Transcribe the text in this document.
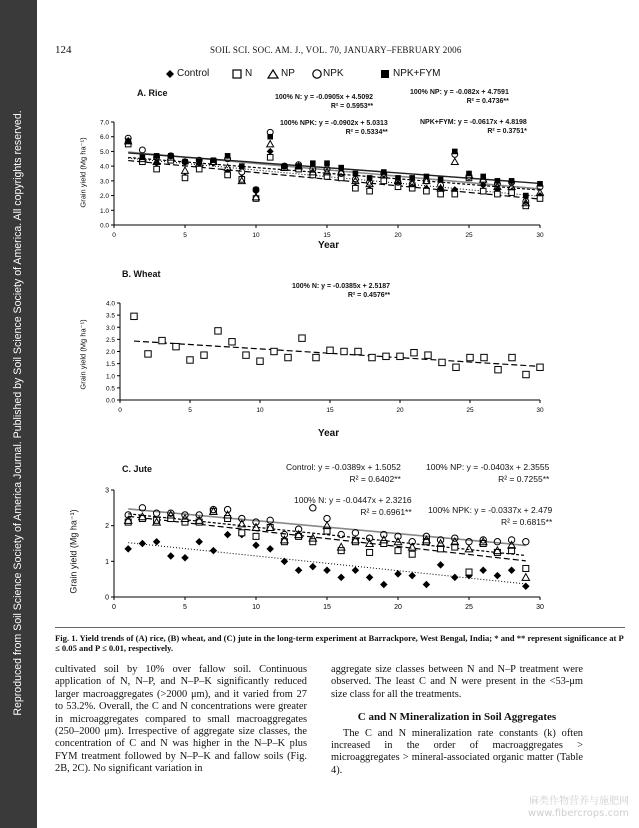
Reproduced from Soil Science Society of America Journal. Published by Soil Science Society of America. All copyrights reserved.
124	SOIL SCI. SOC. AM. J., VOL. 70, JANUARY–FEBRUARY 2006
Control	N	NP	NPK	NPK+FYM
A. Rice	100% N: y = -0.0905x + 4.5092
R² = 0.5953**
100% NP: y = -0.082x + 4.7591
R² = 0.4736**
100% NPK: y = -0.0902x + 5.0313
R² = 0.5334**
NPK+FYM: y = -0.0617x + 4.8198
R² = 0.3751*
Grain yield (Mg ha⁻¹)
Year
B. Wheat
100% N: y = -0.0385x + 2.5187
R² = 0.4576**
Grain yield (Mg ha⁻¹)
Year
C. Jute	Control: y = -0.0389x + 1.5052
R² = 0.6402**
100% NP: y = -0.0403x + 2.3555
R² = 0.7255**
100% N: y = -0.0447x + 2.3216
R² = 0.6961** 100% NPK: y = -0.0337x + 2.479
R² = 0.6815**
Grain yield (Mg ha⁻¹)
0.0
1.0
2.0
3.0
4.0
5.0
6.0
7.0
0	5	10	15	20	25	30
0.0
0.5
1.0
1.5
2.0
2.5
3.0
3.5
4.0
0	5	10	15	20	25	30
0
1
2
3
0	5	10	15	20	25	30
Fig. 1. Yield trends of (A) rice, (B) wheat, and (C) jute in the long-term experiment at Barrackpore, West Bengal, India; * and ** represent significance at P ≤ 0.05 and P ≤ 0.01, respectively.

cultivated soil by 10% over fallow soil. Continuous application of N, N–P, and N–P–K significantly reduced larger macroaggregates (>2000 μm), and it varied from 27 to 53.2%. Overall, the C and N concentrations were greater in microaggregates compared to small macroaggregates (250–2000 μm). Irrespective of aggregate size classes, the concentration of C and N was higher in the N–P–K plus FYM treatment followed by N–P–K and fallow soils (Fig. 2B, 2C). No significant variation in

aggregate size classes between N and N–P treatment were observed. The least C and N were present in the <53-μm size class for all the treatments.

C and N Mineralization in Soil Aggregates

The C and N mineralization rate constants (k) often increased in the order of macroaggregates > microaggregates > mineral-associated organic matter (Table 4).

麻类作物营养与施肥网
www.fibercrops.com
